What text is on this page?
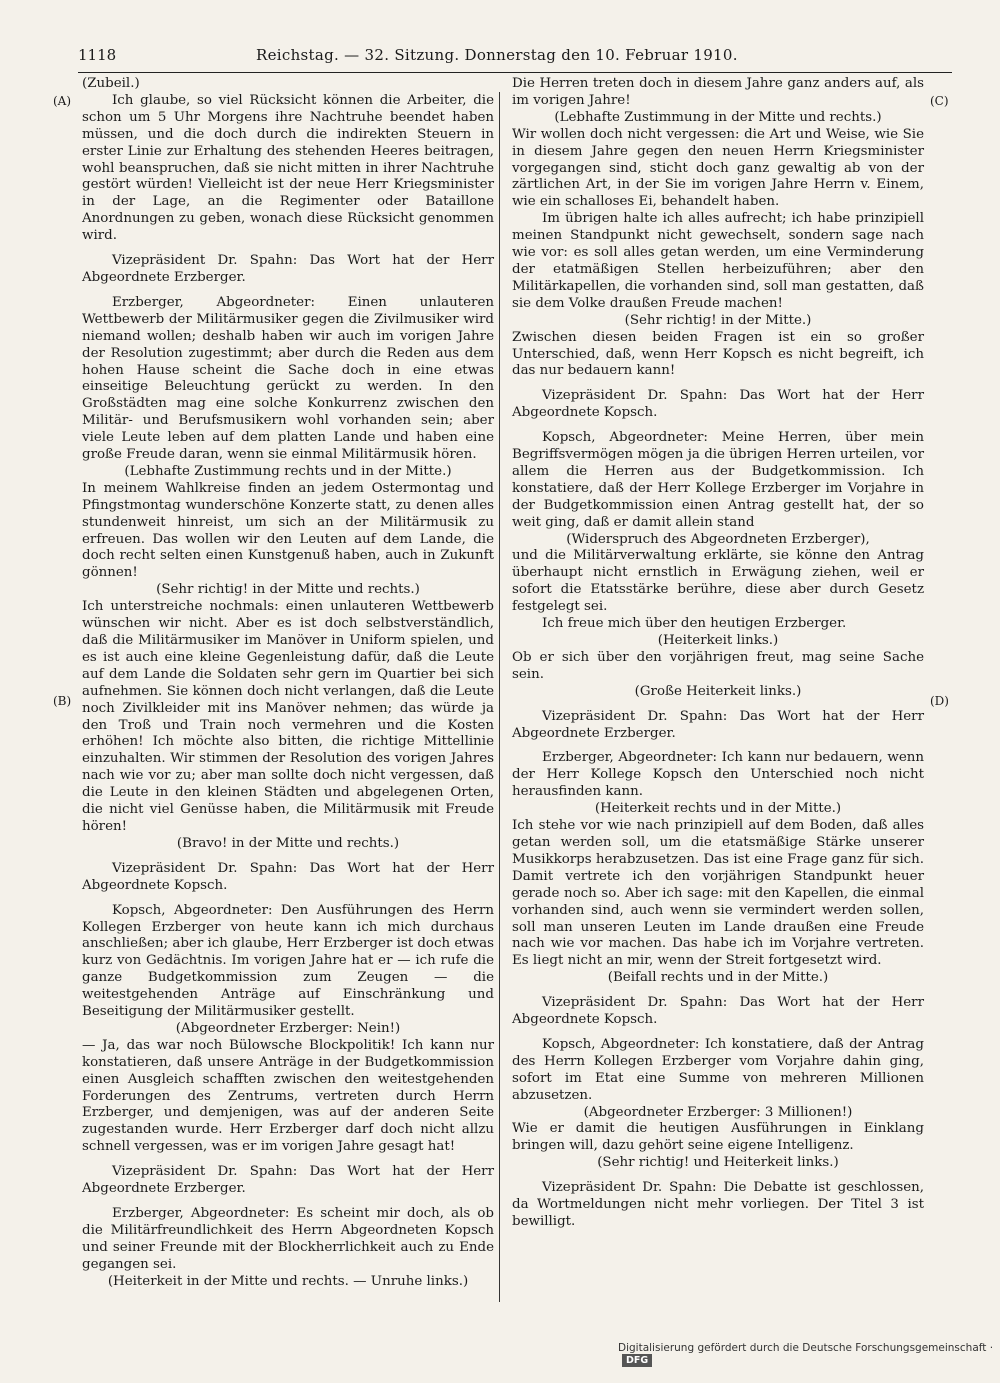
1118	Reichstag. — 32. Sitzung. Donnerstag den 10. Februar 1910.
(A)
(B)
(C)
(D)

(Zubeil.)

Ich glaube, so viel Rücksicht können die Arbeiter, die schon um 5 Uhr Morgens ihre Nachtruhe beendet haben müssen, und die doch durch die indirekten Steuern in erster Linie zur Erhaltung des stehenden Heeres beitragen, wohl beanspruchen, daß sie nicht mitten in ihrer Nachtruhe gestört würden! Vielleicht ist der neue Herr Kriegsminister in der Lage, an die Regimenter oder Bataillone Anordnungen zu geben, wonach diese Rücksicht genommen wird.

Vizepräsident Dr. Spahn: Das Wort hat der Herr Abgeordnete Erzberger.

Erzberger, Abgeordneter: Einen unlauteren Wettbewerb der Militärmusiker gegen die Zivilmusiker wird niemand wollen; deshalb haben wir auch im vorigen Jahre der Resolution zugestimmt; aber durch die Reden aus dem hohen Hause scheint die Sache doch in eine etwas einseitige Beleuchtung gerückt zu werden. In den Großstädten mag eine solche Konkurrenz zwischen den Militär- und Berufsmusikern wohl vorhanden sein; aber viele Leute leben auf dem platten Lande und haben eine große Freude daran, wenn sie einmal Militärmusik hören.

(Lebhafte Zustimmung rechts und in der Mitte.)

In meinem Wahlkreise finden an jedem Ostermontag und Pfingstmontag wunderschöne Konzerte statt, zu denen alles stundenweit hinreist, um sich an der Militärmusik zu erfreuen. Das wollen wir den Leuten auf dem Lande, die doch recht selten einen Kunstgenuß haben, auch in Zukunft gönnen!

(Sehr richtig! in der Mitte und rechts.)

Ich unterstreiche nochmals: einen unlauteren Wettbewerb wünschen wir nicht. Aber es ist doch selbstverständlich, daß die Militärmusiker im Manöver in Uniform spielen, und es ist auch eine kleine Gegenleistung dafür, daß die Leute auf dem Lande die Soldaten sehr gern im Quartier bei sich aufnehmen. Sie können doch nicht verlangen, daß die Leute noch Zivilkleider mit ins Manöver nehmen; das würde ja den Troß und Train noch vermehren und die Kosten erhöhen! Ich möchte also bitten, die richtige Mittellinie einzuhalten. Wir stimmen der Resolution des vorigen Jahres nach wie vor zu; aber man sollte doch nicht vergessen, daß die Leute in den kleinen Städten und abgelegenen Orten, die nicht viel Genüsse haben, die Militärmusik mit Freude hören!

(Bravo! in der Mitte und rechts.)

Vizepräsident Dr. Spahn: Das Wort hat der Herr Abgeordnete Kopsch.

Kopsch, Abgeordneter: Den Ausführungen des Herrn Kollegen Erzberger von heute kann ich mich durchaus anschließen; aber ich glaube, Herr Erzberger ist doch etwas kurz von Gedächtnis. Im vorigen Jahre hat er — ich rufe die ganze Budgetkommission zum Zeugen — die weitestgehenden Anträge auf Einschränkung und Beseitigung der Militärmusiker gestellt.

(Abgeordneter Erzberger: Nein!)

— Ja, das war noch Bülowsche Blockpolitik! Ich kann nur konstatieren, daß unsere Anträge in der Budgetkommission einen Ausgleich schafften zwischen den weitestgehenden Forderungen des Zentrums, vertreten durch Herrn Erzberger, und demjenigen, was auf der anderen Seite zugestanden wurde. Herr Erzberger darf doch nicht allzu schnell vergessen, was er im vorigen Jahre gesagt hat!

Vizepräsident Dr. Spahn: Das Wort hat der Herr Abgeordnete Erzberger.

Erzberger, Abgeordneter: Es scheint mir doch, als ob die Militärfreundlichkeit des Herrn Abgeordneten Kopsch und seiner Freunde mit der Blockherrlichkeit auch zu Ende gegangen sei.

(Heiterkeit in der Mitte und rechts. — Unruhe links.)

Die Herren treten doch in diesem Jahre ganz anders auf, als im vorigen Jahre!

(Lebhafte Zustimmung in der Mitte und rechts.)

Wir wollen doch nicht vergessen: die Art und Weise, wie Sie in diesem Jahre gegen den neuen Herrn Kriegsminister vorgegangen sind, sticht doch ganz gewaltig ab von der zärtlichen Art, in der Sie im vorigen Jahre Herrn v. Einem, wie ein schalloses Ei, behandelt haben.

Im übrigen halte ich alles aufrecht; ich habe prinzipiell meinen Standpunkt nicht gewechselt, sondern sage nach wie vor: es soll alles getan werden, um eine Verminderung der etatmäßigen Stellen herbeizuführen; aber den Militärkapellen, die vorhanden sind, soll man gestatten, daß sie dem Volke draußen Freude machen!

(Sehr richtig! in der Mitte.)

Zwischen diesen beiden Fragen ist ein so großer Unterschied, daß, wenn Herr Kopsch es nicht begreift, ich das nur bedauern kann!

Vizepräsident Dr. Spahn: Das Wort hat der Herr Abgeordnete Kopsch.

Kopsch, Abgeordneter: Meine Herren, über mein Begriffsvermögen mögen ja die übrigen Herren urteilen, vor allem die Herren aus der Budgetkommission. Ich konstatiere, daß der Herr Kollege Erzberger im Vorjahre in der Budgetkommission einen Antrag gestellt hat, der so weit ging, daß er damit allein stand

(Widerspruch des Abgeordneten Erzberger),

und die Militärverwaltung erklärte, sie könne den Antrag überhaupt nicht ernstlich in Erwägung ziehen, weil er sofort die Etatsstärke berühre, diese aber durch Gesetz festgelegt sei.

Ich freue mich über den heutigen Erzberger.

(Heiterkeit links.)

Ob er sich über den vorjährigen freut, mag seine Sache sein.

(Große Heiterkeit links.)

Vizepräsident Dr. Spahn: Das Wort hat der Herr Abgeordnete Erzberger.

Erzberger, Abgeordneter: Ich kann nur bedauern, wenn der Herr Kollege Kopsch den Unterschied noch nicht herausfinden kann.

(Heiterkeit rechts und in der Mitte.)

Ich stehe vor wie nach prinzipiell auf dem Boden, daß alles getan werden soll, um die etatsmäßige Stärke unserer Musikkorps herabzusetzen. Das ist eine Frage ganz für sich. Damit vertrete ich den vorjährigen Standpunkt heuer gerade noch so. Aber ich sage: mit den Kapellen, die einmal vorhanden sind, auch wenn sie vermindert werden sollen, soll man unseren Leuten im Lande draußen eine Freude nach wie vor machen. Das habe ich im Vorjahre vertreten. Es liegt nicht an mir, wenn der Streit fortgesetzt wird.

(Beifall rechts und in der Mitte.)

Vizepräsident Dr. Spahn: Das Wort hat der Herr Abgeordnete Kopsch.

Kopsch, Abgeordneter: Ich konstatiere, daß der Antrag des Herrn Kollegen Erzberger vom Vorjahre dahin ging, sofort im Etat eine Summe von mehreren Millionen abzusetzen.

(Abgeordneter Erzberger: 3 Millionen!)

Wie er damit die heutigen Ausführungen in Einklang bringen will, dazu gehört seine eigene Intelligenz.

(Sehr richtig! und Heiterkeit links.)

Vizepräsident Dr. Spahn: Die Debatte ist geschlossen, da Wortmeldungen nicht mehr vorliegen. Der Titel 3 ist bewilligt.

Digitalisierung gefördert durch die Deutsche Forschungsgemeinschaft ·DFG
